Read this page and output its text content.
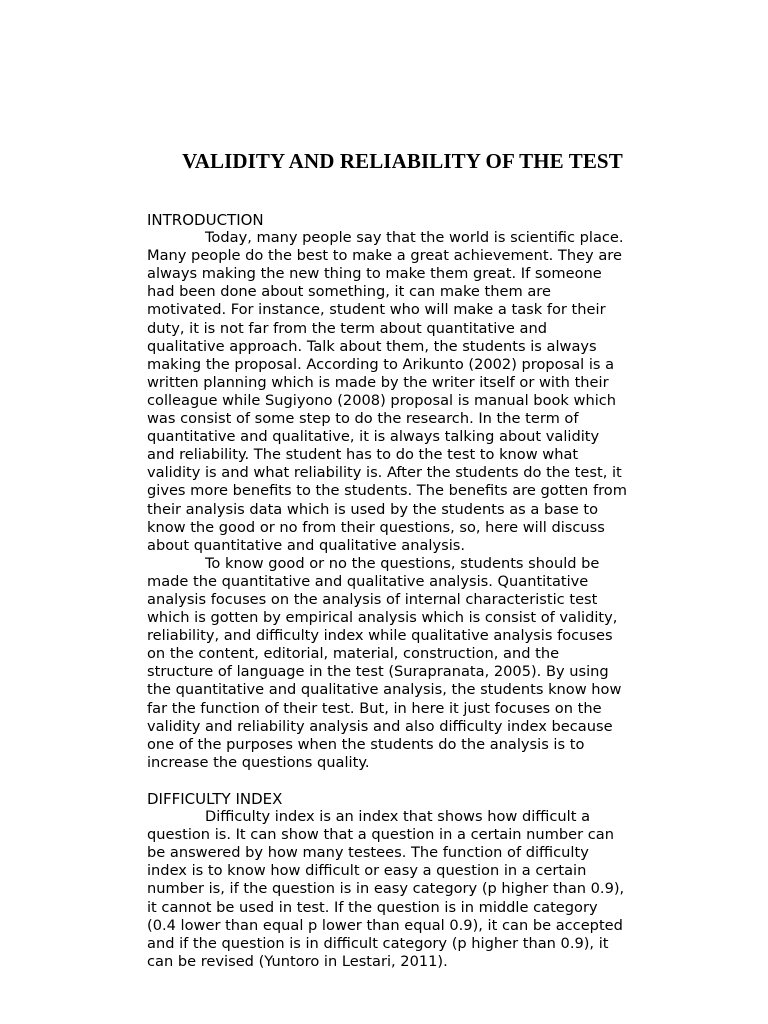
VALIDITY AND RELIABILITY OF THE TEST
INTRODUCTION
Today, many people say that the world is scientific place.
Many people do the best to make a great achievement. They are
always making the new thing to make them great. If someone
had been done about something, it can make them are
motivated. For instance, student who will make a task for their
duty, it is not far from the term about quantitative and
qualitative approach. Talk about them, the students is always
making the proposal. According to Arikunto (2002) proposal is a
written planning which is made by the writer itself or with their
colleague while Sugiyono (2008) proposal is manual book which
was consist of some step to do the research. In the term of
quantitative and qualitative, it is always talking about validity
and reliability. The student has to do the test to know what
validity is and what reliability is. After the students do the test, it
gives more benefits to the students. The benefits are gotten from
their analysis data which is used by the students as a base to
know the good or no from their questions, so, here will discuss
about quantitative and qualitative analysis.
To know good or no the questions, students should be
made the quantitative and qualitative analysis. Quantitative
analysis focuses on the analysis of internal characteristic test
which is gotten by empirical analysis which is consist of validity,
reliability, and difficulty index while qualitative analysis focuses
on the content, editorial, material, construction, and the
structure of language in the test (Surapranata, 2005). By using
the quantitative and qualitative analysis, the students know how
far the function of their test. But, in here it just focuses on the
validity and reliability analysis and also difficulty index because
one of the purposes when the students do the analysis is to
increase the questions quality.
DIFFICULTY INDEX
Difficulty index is an index that shows how difficult a
question is. It can show that a question in a certain number can
be answered by how many testees. The function of difficulty
index is to know how difficult or easy a question in a certain
number is, if the question is in easy category (p higher than 0.9),
it cannot be used in test. If the question is in middle category
(0.4 lower than equal p lower than equal 0.9), it can be accepted
and if the question is in difficult category (p higher than 0.9), it
can be revised (Yuntoro in Lestari, 2011).
